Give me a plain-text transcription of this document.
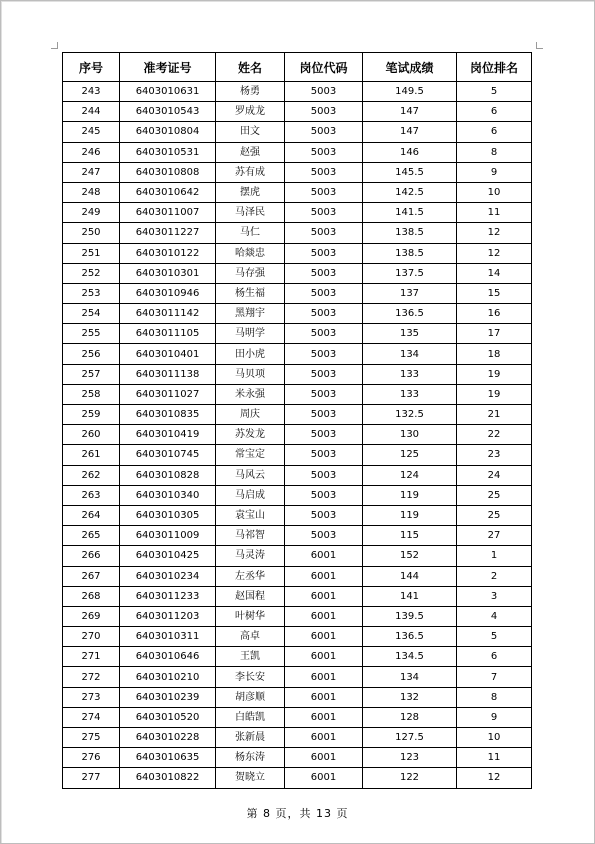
序号	准考证号	姓名	岗位代码	笔试成绩	岗位排名
243	6403010631	杨勇	5003	149.5	5
244	6403010543	罗成龙	5003	147	6
245	6403010804	田文	5003	147	6
246	6403010531	赵强	5003	146	8
247	6403010808	苏有成	5003	145.5	9
248	6403010642	摆虎	5003	142.5	10
249	6403011007	马泽民	5003	141.5	11
250	6403011227	马仁	5003	138.5	12
251	6403010122	哈燚忠	5003	138.5	12
252	6403010301	马存强	5003	137.5	14
253	6403010946	杨生福	5003	137	15
254	6403011142	黑翔宇	5003	136.5	16
255	6403011105	马明学	5003	135	17
256	6403010401	田小虎	5003	134	18
257	6403011138	马贝项	5003	133	19
258	6403011027	米永强	5003	133	19
259	6403010835	周庆	5003	132.5	21
260	6403010419	苏发龙	5003	130	22
261	6403010745	常宝定	5003	125	23
262	6403010828	马风云	5003	124	24
263	6403010340	马启成	5003	119	25
264	6403010305	袁宝山	5003	119	25
265	6403011009	马祁智	5003	115	27
266	6403010425	马灵涛	6001	152	1
267	6403010234	左丞华	6001	144	2
268	6403011233	赵国程	6001	141	3
269	6403011203	叶树华	6001	139.5	4
270	6403010311	高卓	6001	136.5	5
271	6403010646	王凯	6001	134.5	6
272	6403010210	李长安	6001	134	7
273	6403010239	胡彦顺	6001	132	8
274	6403010520	白皓凯	6001	128	9
275	6403010228	张新晨	6001	127.5	10
276	6403010635	杨东涛	6001	123	11
277	6403010822	贺晓立	6001	122	12
第 8 页，共 13 页
